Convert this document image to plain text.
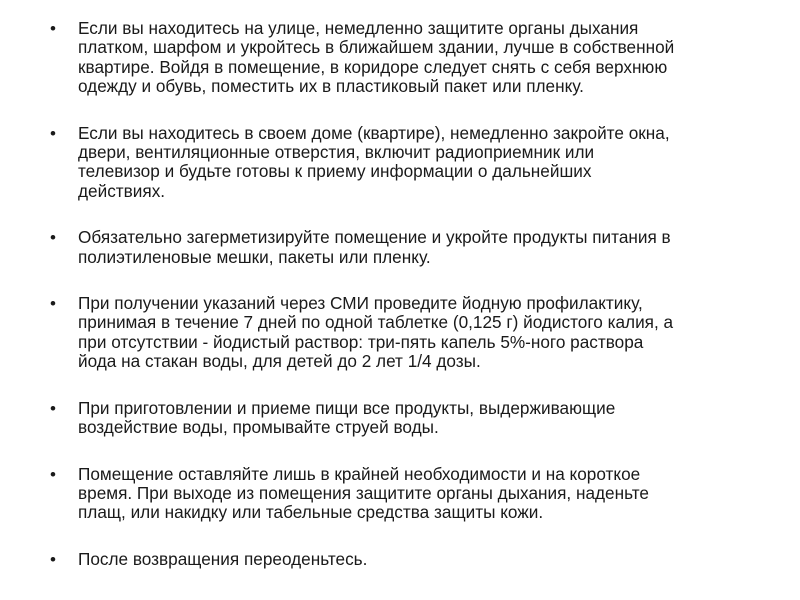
•	Если вы находитесь на улице, немедленно защитите органы дыхания
платком, шарфом и укройтесь в ближайшем здании, лучше в собственной
квартире. Войдя в помещение, в коридоре следует снять с себя верхнюю
одежду и обувь, поместить их в пластиковый пакет или пленку.
•	Если вы находитесь в своем доме (квартире), немедленно закройте окна,
двери, вентиляционные отверстия, включит радиоприемник или
телевизор и будьте готовы к приему информации о дальнейших
действиях.
•	Обязательно загерметизируйте помещение и укройте продукты питания в
полиэтиленовые мешки, пакеты или пленку.
•	При получении указаний через СМИ проведите йодную профилактику,
принимая в течение 7 дней по одной таблетке (0,125 г) йодистого калия, а
при отсутствии - йодистый раствор: три-пять капель 5%-ного раствора
йода на стакан воды, для детей до 2 лет 1/4 дозы.
•	При приготовлении и приеме пищи все продукты, выдерживающие
воздействие воды, промывайте струей воды.
•	Помещение оставляйте лишь в крайней необходимости и на короткое
время. При выходе из помещения защитите органы дыхания, наденьте
плащ, или накидку или табельные средства защиты кожи.
•	После возвращения переоденьтесь.
